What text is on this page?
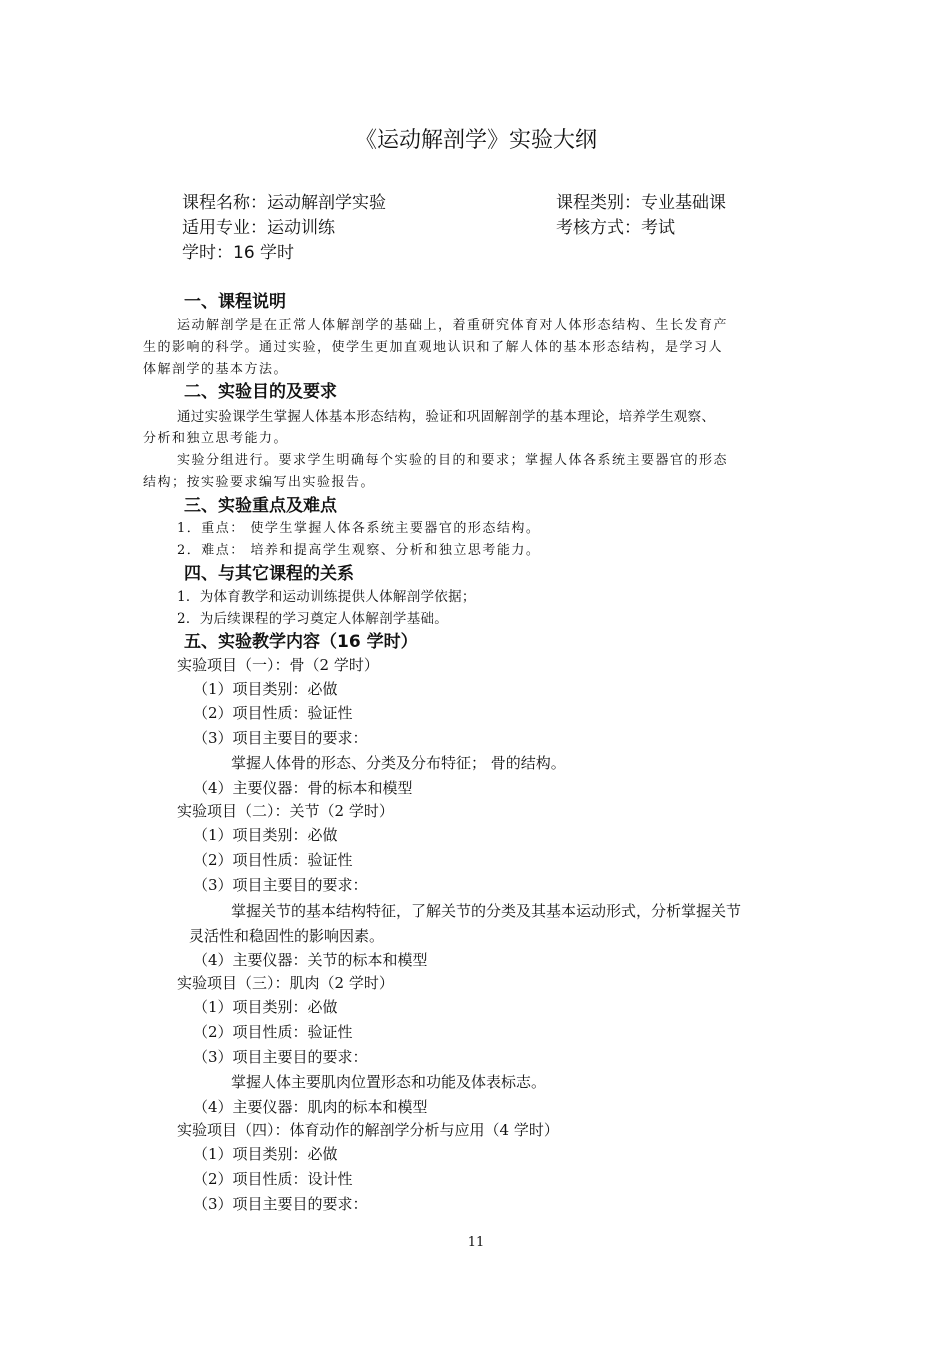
《运动解剖学》实验大纲
课程名称：运动解剖学实验	课程类别：专业基础课
适用专业：运动训练	考核方式：考试
学时：16 学时
一、课程说明
运动解剖学是在正常人体解剖学的基础上，着重研究体育对人体形态结构、生长发育产
生的影响的科学。通过实验，使学生更加直观地认识和了解人体的基本形态结构，是学习人
体解剖学的基本方法。
二、实验目的及要求
通过实验课学生掌握人体基本形态结构，验证和巩固解剖学的基本理论，培养学生观察、
分析和独立思考能力。
实验分组进行。要求学生明确每个实验的目的和要求；掌握人体各系统主要器官的形态
结构；按实验要求编写出实验报告。
三、实验重点及难点
1．重点： 使学生掌握人体各系统主要器官的形态结构。
2．难点： 培养和提高学生观察、分析和独立思考能力。
四、与其它课程的关系
1．为体育教学和运动训练提供人体解剖学依据；
2．为后续课程的学习奠定人体解剖学基础。
五、实验教学内容（16 学时）
实验项目（一）：骨（2 学时）
（1）项目类别：必做
（2）项目性质：验证性
（3）项目主要目的要求：
掌握人体骨的形态、分类及分布特征； 骨的结构。
（4）主要仪器：骨的标本和模型
实验项目（二）：关节（2 学时）
（1）项目类别：必做
（2）项目性质：验证性
（3）项目主要目的要求：
掌握关节的基本结构特征，了解关节的分类及其基本运动形式，分析掌握关节
灵活性和稳固性的影响因素。
（4）主要仪器：关节的标本和模型
实验项目（三）：肌肉（2 学时）
（1）项目类别：必做
（2）项目性质：验证性
（3）项目主要目的要求：
掌握人体主要肌肉位置形态和功能及体表标志。
（4）主要仪器：肌肉的标本和模型
实验项目（四）：体育动作的解剖学分析与应用（4 学时）
（1）项目类别：必做
（2）项目性质：设计性
（3）项目主要目的要求：
11
